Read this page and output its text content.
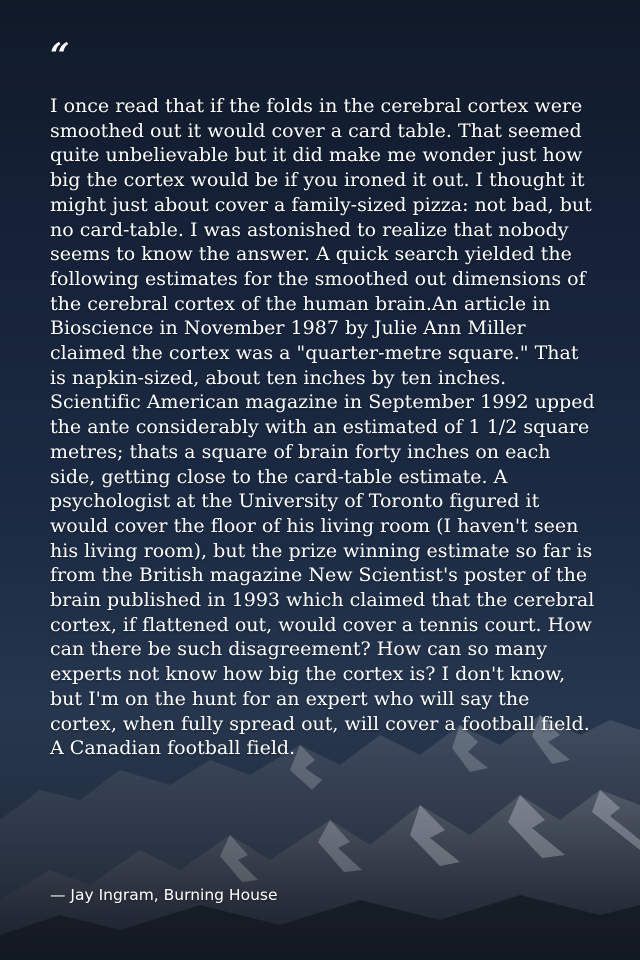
“

I once read that if the folds in the cerebral cortex were smoothed out it would cover a card table. That seemed quite unbelievable but it did make me wonder just how big the cortex would be if you ironed it out. I thought it might just about cover a family-sized pizza: not bad, but no card-table. I was astonished to realize that nobody seems to know the answer. A quick search yielded the following estimates for the smoothed out dimensions of the cerebral cortex of the human brain.An article in Bioscience in November 1987 by Julie Ann Miller claimed the cortex was a "quarter-metre square." That is napkin-sized, about ten inches by ten inches. Scientific American magazine in September 1992 upped the ante considerably with an estimated of 1 1/2 square metres; thats a square of brain forty inches on each side, getting close to the card-table estimate. A psychologist at the University of Toronto figured it would cover the floor of his living room (I haven't seen his living room), but the prize winning estimate so far is from the British magazine New Scientist's poster of the brain published in 1993 which claimed that the cerebral cortex, if flattened out, would cover a tennis court. How can there be such disagreement? How can so many experts not know how big the cortex is? I don't know, but I'm on the hunt for an expert who will say the cortex, when fully spread out, will cover a football field. A Canadian football field.

— Jay Ingram, Burning House
